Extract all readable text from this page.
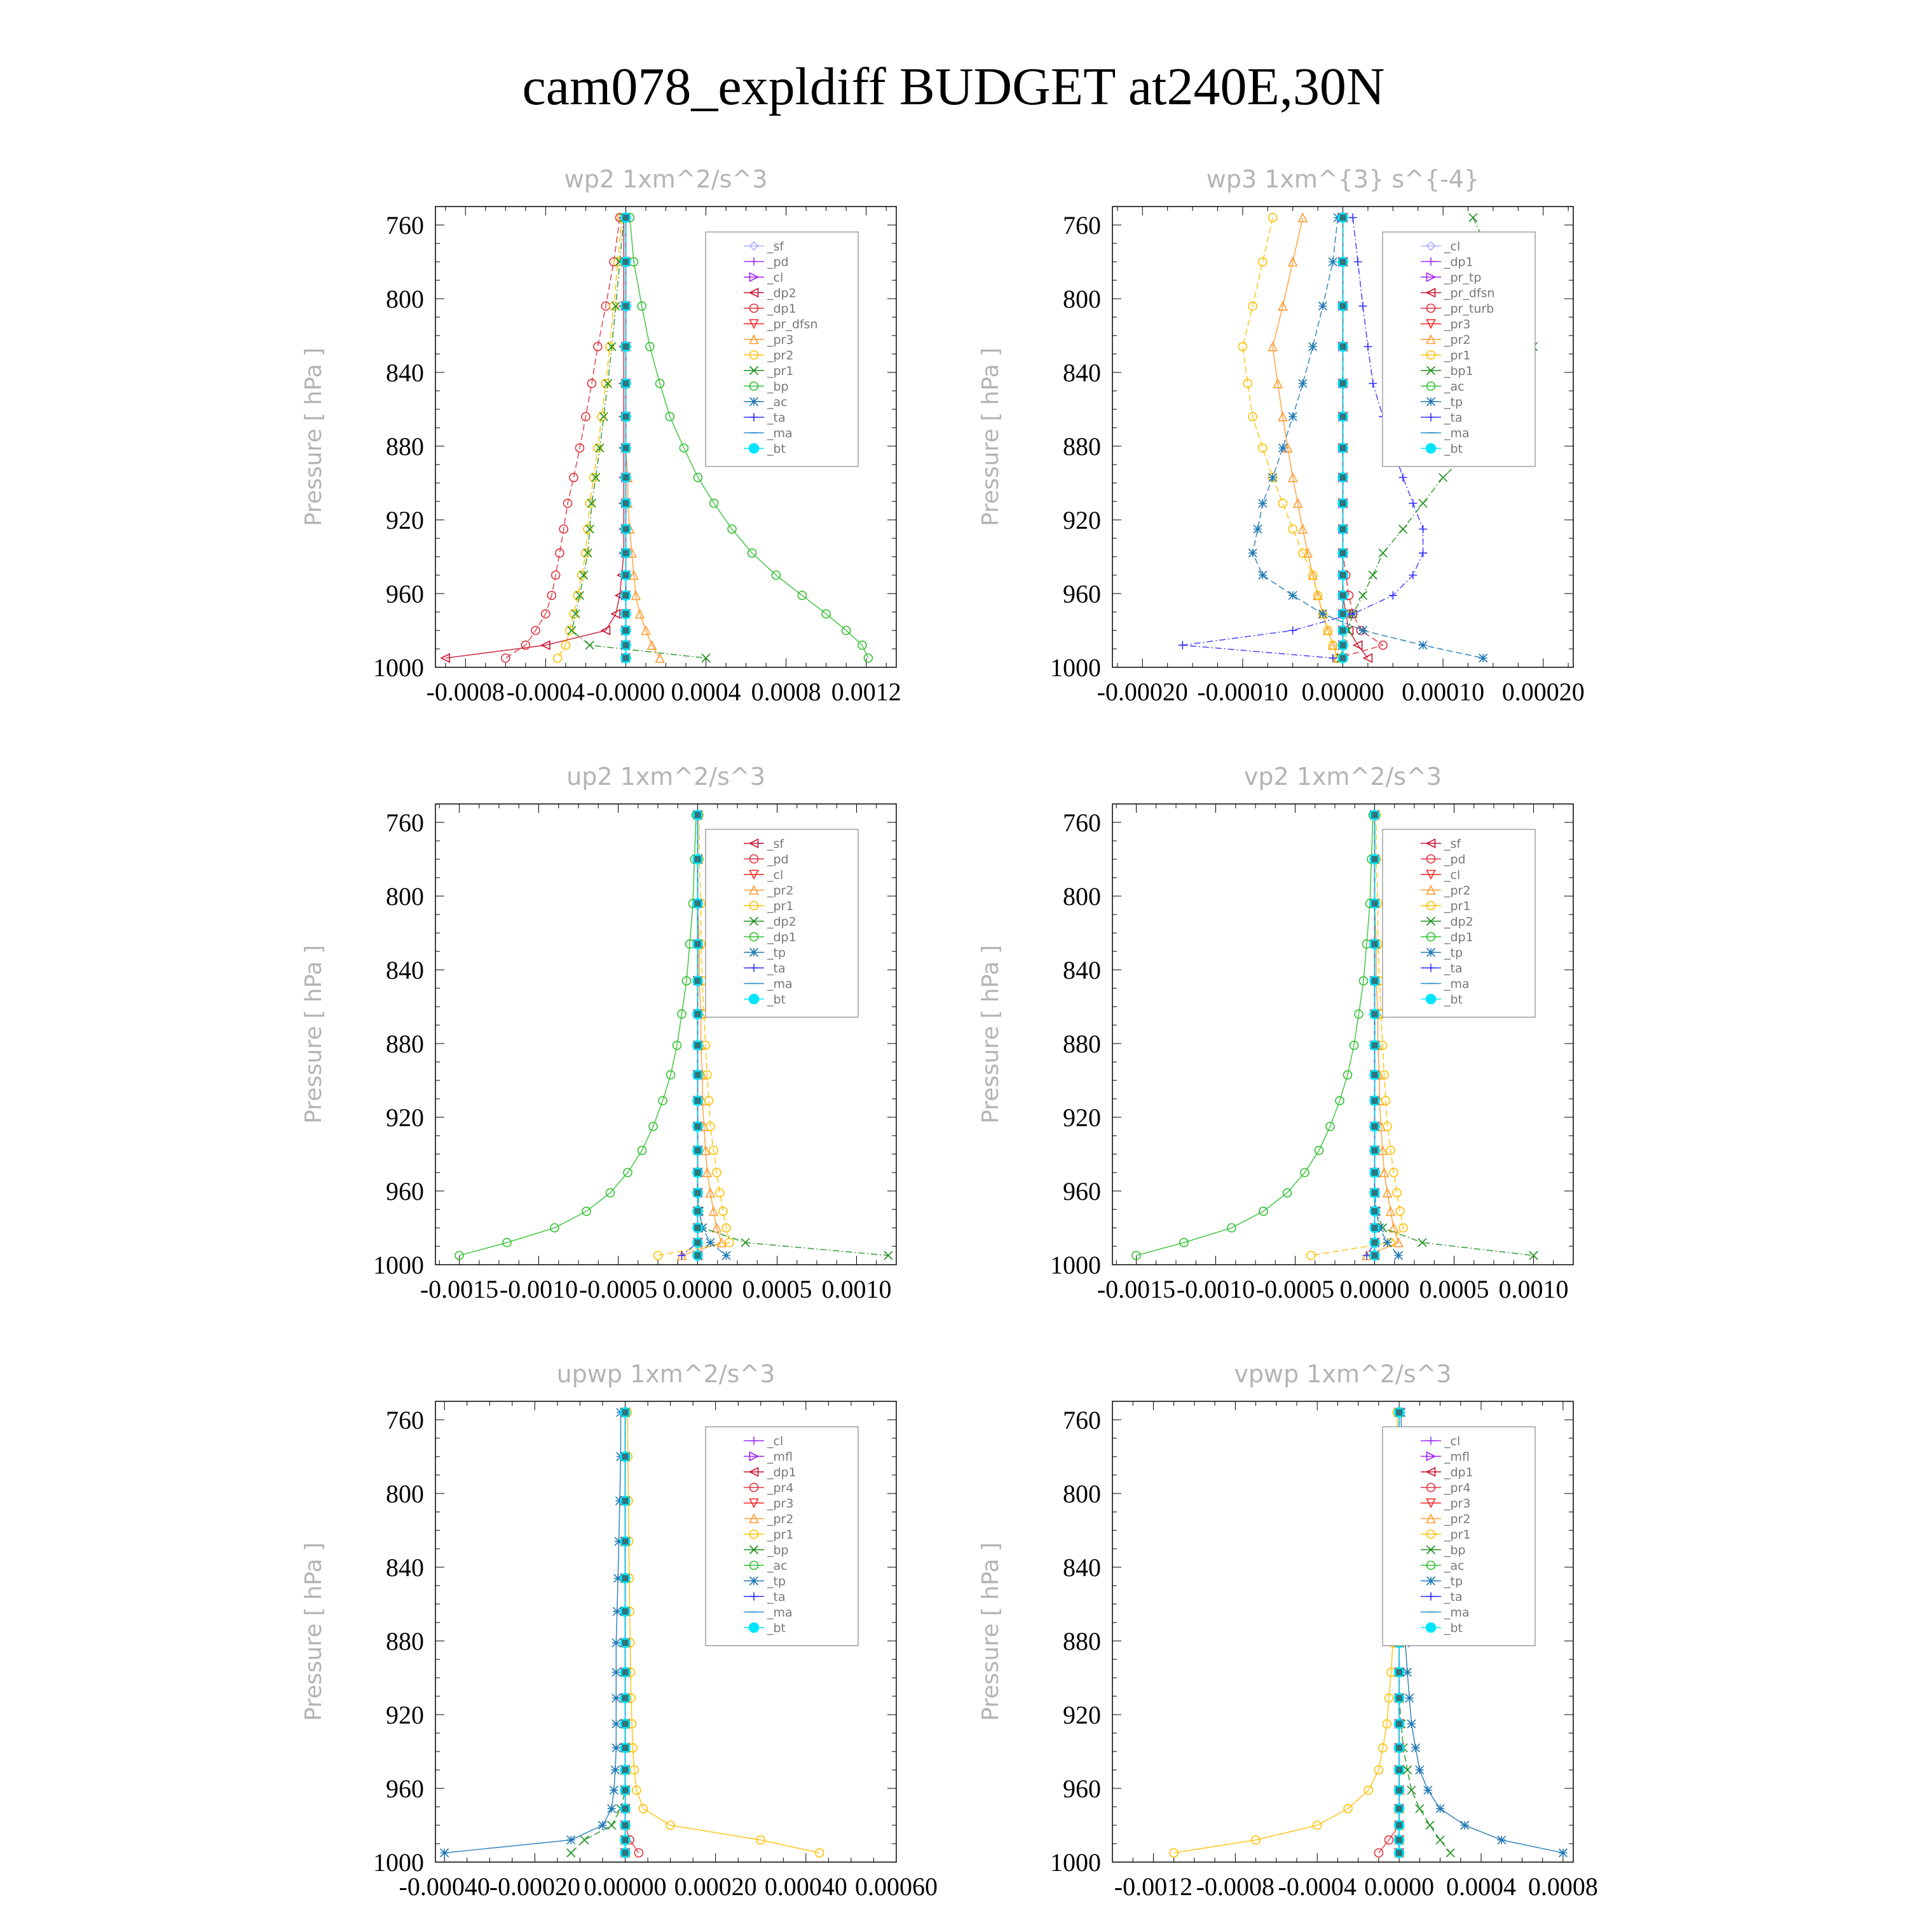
cam078_expldiff BUDGET at240E,30N
wp2 1xm^2/s^3
Pressure [ hPa ]
760
800
840
880
920
960
1000
-0.0008 -0.0004 -0.0000 0.0004 0.0008 0.0012
_sf
_pd
_cl
_dp2
_dp1
_pr_dfsn
_pr3
_pr2
_pr1
_bp
_ac
_ta
_ma
_bt
wp3 1xm^{3} s^{-4}
Pressure [ hPa ]
760
800
840
880
920
960
1000
-0.00020 -0.00010 0.00000 0.00010 0.00020
_cl
_dp1
_pr_tp
_pr_dfsn
_pr_turb
_pr3
_pr2
_pr1
_bp1
_ac
_tp
_ta
_ma
_bt
up2 1xm^2/s^3
Pressure [ hPa ]
760
800
840
880
920
960
1000
-0.0015 -0.0010 -0.0005 0.0000 0.0005 0.0010
_sf
_pd
_cl
_pr2
_pr1
_dp2
_dp1
_tp
_ta
_ma
_bt
vp2 1xm^2/s^3
Pressure [ hPa ]
760
800
840
880
920
960
1000
-0.0015 -0.0010 -0.0005 0.0000 0.0005 0.0010
_sf
_pd
_cl
_pr2
_pr1
_dp2
_dp1
_tp
_ta
_ma
_bt
upwp 1xm^2/s^3
Pressure [ hPa ]
760
800
840
880
920
960
1000
-0.00040
-0.00020 0.00000 0.00020 0.00040 0.00060
_cl
_mfl
_dp1
_pr4
_pr3
_pr2
_pr1
_bp
_ac
_tp
_ta
_ma
_bt
vpwp 1xm^2/s^3
Pressure [ hPa ]
760
800
840
880
920
960
1000
-0.0012 -0.0008 -0.0004 0.0000 0.0004 0.0008
_cl
_mfl
_dp1
_pr4
_pr3
_pr2
_pr1
_bp
_ac
_tp
_ta
_ma
_bt
